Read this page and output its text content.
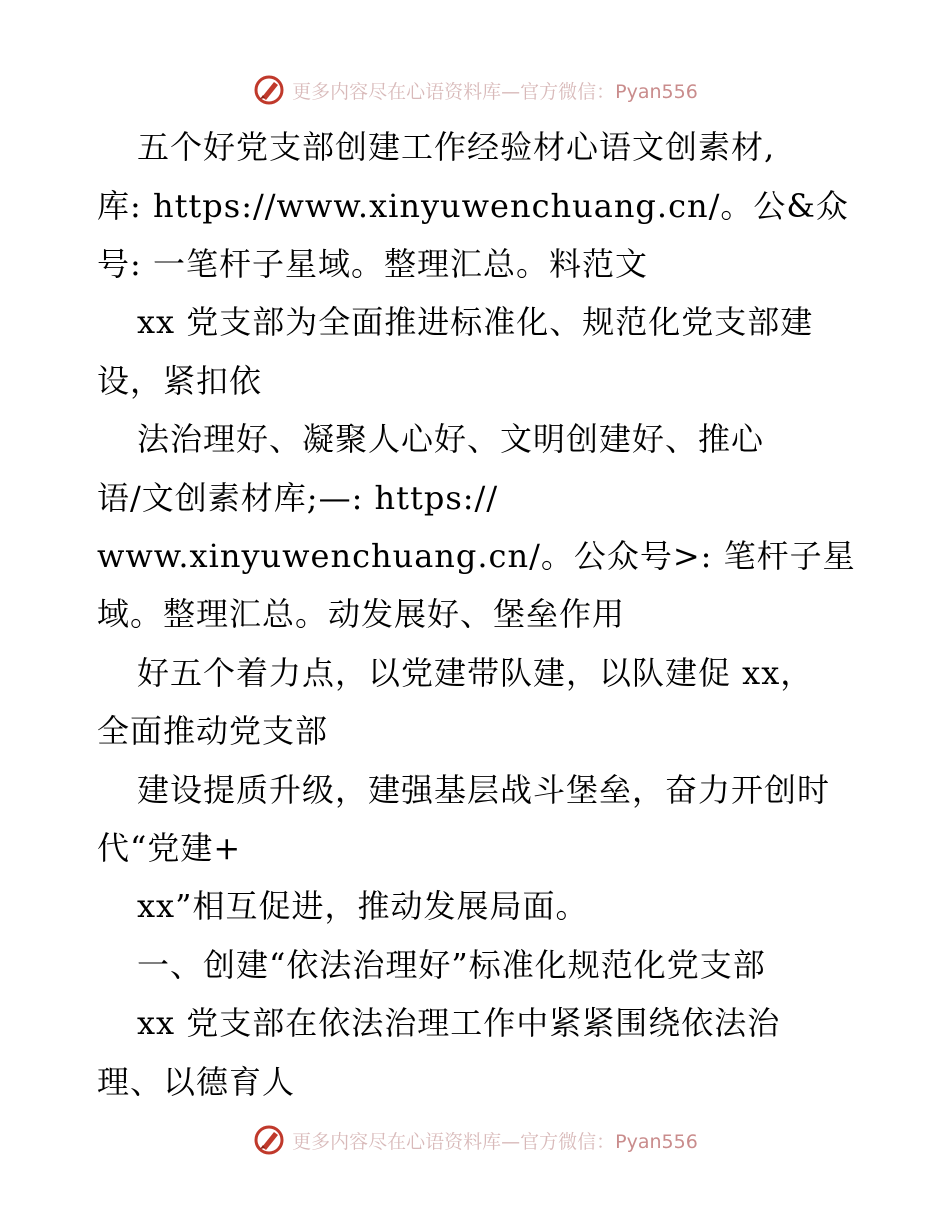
更多内容尽在心语资料库—官方微信：Pyan556
五个好党支部创建工作经验材心语文创素材,
库: https://www.xinyuwenchuang.cn/。公&众
号: 一笔杆子星域。整理汇总。料范文
xx 党支部为全面推进标准化、规范化党支部建
设，紧扣依
法治理好、凝聚人心好、文明创建好、推心
语/文创素材库;—: https://
www.xinyuwenchuang.cn/。公众号>: 笔杆子星
域。整理汇总。动发展好、堡垒作用
好五个着力点，以党建带队建，以队建促 xx，
全面推动党支部
建设提质升级，建强基层战斗堡垒，奋力开创时
代“党建+
xx”相互促进，推动发展局面。
一、创建“依法治理好”标准化规范化党支部
xx 党支部在依法治理工作中紧紧围绕依法治
理、以德育人
更多内容尽在心语资料库—官方微信：Pyan556
